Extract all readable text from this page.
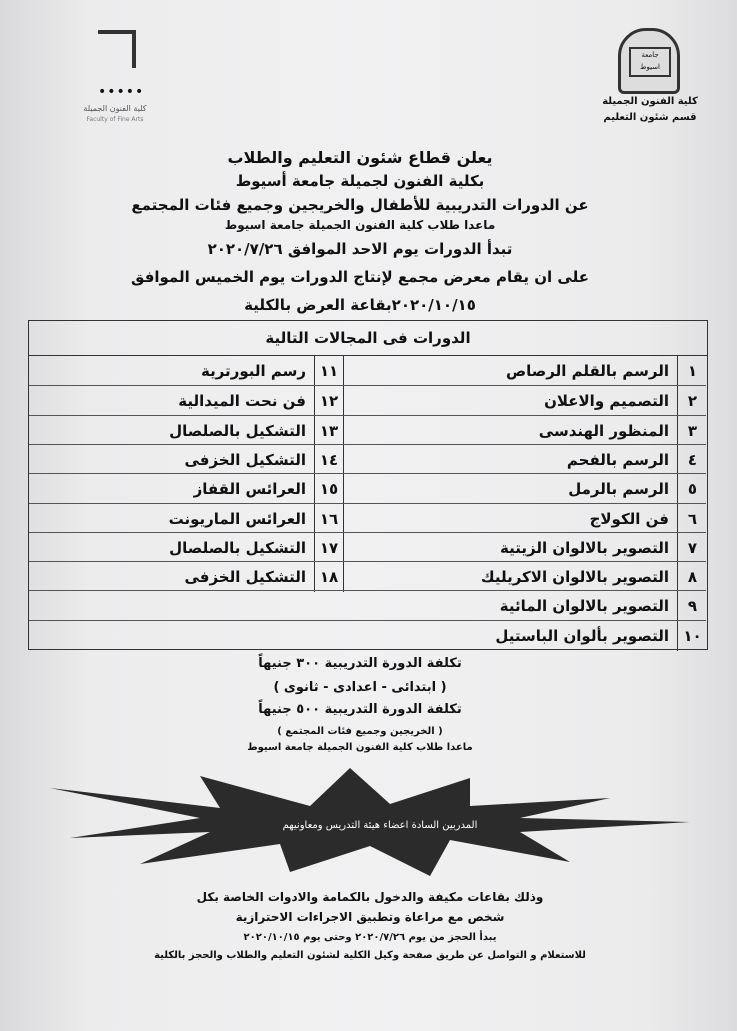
•••••
كلية الفنون الجميلة
Faculty of Fine Arts
جامعة اسيوط
كلية الفنون الجميلة
قسم شئون التعليم
يعلن قطاع شئون التعليم والطلاب
بكلية الفنون لجميلة جامعة أسيوط
عن الدورات التدريبية للأطفال والخريجين وجميع فئات المجتمع
ماعدا طلاب كلية الفنون الجميلة جامعة اسيوط
تبدأ الدورات يوم الاحد الموافق ٢٠٢٠/٧/٢٦
على ان يقام معرض مجمع لإنتاج الدورات يوم الخميس الموافق
٢٠٢٠/١٠/١٥بقاعة العرض بالكلية
الدورات فى المجالات التالية
١
الرسم بالقلم الرصاص
١١
رسم البورترية
٢
التصميم والاعلان
١٢
فن نحت الميدالية
٣
المنظور الهندسى
١٣
التشكيل بالصلصال
٤
الرسم بالفحم
١٤
التشكيل الخزفى
٥
الرسم بالرمل
١٥
العرائس القفاز
٦
فن الكولاج
١٦
العرائس الماريونت
٧
التصوير بالالوان الزيتية
١٧
التشكيل بالصلصال
٨
التصوير بالالوان الاكريليك
١٨
التشكيل الخزفى
٩
التصوير بالالوان المائية
١٠
التصوير بألوان الباستيل
تكلفة الدورة التدريبية ٣٠٠ جنيهاً
( ابتدائى - اعدادى - ثانوى )
تكلفة الدورة التدريبية ٥٠٠ جنيهاً
( الخريجين وجميع فئات المجتمع )
ماعدا طلاب كلية الفنون الجميلة جامعة اسيوط
المدربين السادة اعضاء هيئة التدريس ومعاونيهم
وذلك بقاعات مكيفة والدخول بالكمامة والادوات الخاصة بكل
شخص مع مراعاة وتطبيق الاجراءات الاحترازية
يبدأ الحجز من يوم ٢٠٢٠/٧/٢٦ وحتى يوم ٢٠٢٠/١٠/١٥
للاستعلام و التواصل عن طريق صفحة وكيل الكلية لشئون التعليم والطلاب والحجز بالكلية
